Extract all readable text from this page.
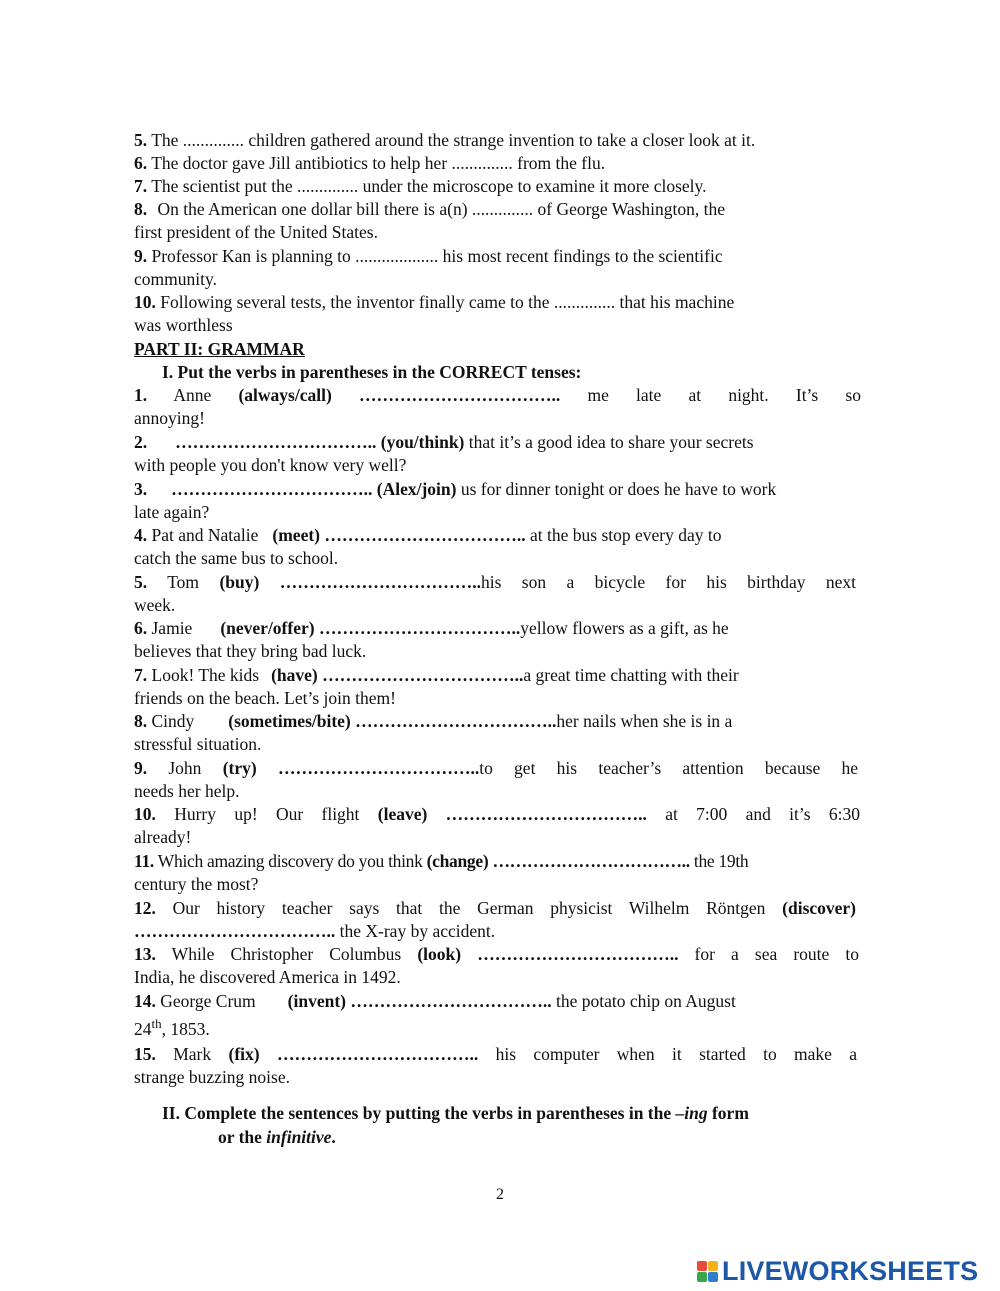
5. The .............. children gathered around the strange invention to take a closer look at it.
6. The doctor gave Jill antibiotics to help her .............. from the flu.
7. The scientist put the .............. under the microscope to examine it more closely.
8. On the American one dollar bill there is a(n) .............. of George Washington, the
first president of the United States.
9. Professor Kan is planning to ................... his most recent findings to the scientific
community.
10. Following several tests, the inventor finally came to the .............. that his machine
was worthless
PART II: GRAMMAR
I. Put the verbs in parentheses in the CORRECT tenses:
1. Anne (always/call) …………………………….. me late at night. It’s so
annoying!
2. …………………………….. (you/think) that it’s a good idea to share your secrets
with people you don't know very well?
3. …………………………….. (Alex/join) us for dinner tonight or does he have to work
late again?
4. Pat and Natalie (meet) …………………………….. at the bus stop every day to
catch the same bus to school.
5. Tom (buy) ……………………………..his son a bicycle for his birthday next
week.
6. Jamie (never/offer) ……………………………..yellow flowers as a gift, as he
believes that they bring bad luck.
7. Look! The kids (have) ……………………………..a great time chatting with their
friends on the beach. Let’s join them!
8. Cindy (sometimes/bite) ……………………………..her nails when she is in a
stressful situation.
9. John (try) ……………………………..to get his teacher’s attention because he
needs her help.
10. Hurry up! Our flight (leave) …………………………….. at 7:00 and it’s 6:30
already!
11. Which amazing discovery do you think (change) …………………………….. the 19th
century the most?
12. Our history teacher says that the German physicist Wilhelm Röntgen (discover)
…………………………….. the X-ray by accident.
13. While Christopher Columbus (look) …………………………….. for a sea route to
India, he discovered America in 1492.
14. George Crum (invent) …………………………….. the potato chip on August
24th, 1853.
15. Mark (fix) …………………………….. his computer when it started to make a
strange buzzing noise.
II. Complete the sentences by putting the verbs in parentheses in the –ing form
or the infinitive.
2
LIVEWORKSHEETS
